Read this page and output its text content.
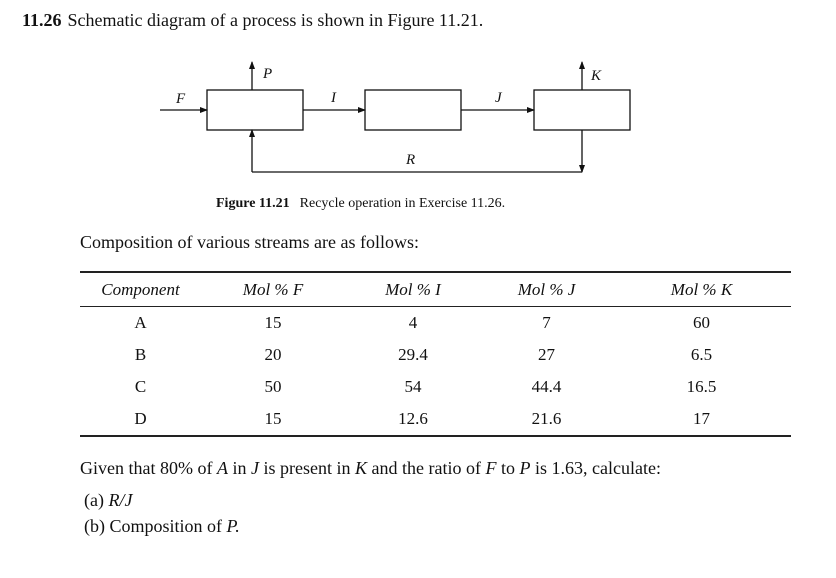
11.26 Schematic diagram of a process is shown in Figure 11.21.
F
P
I	J
K
R
Figure 11.21 Recycle operation in Exercise 11.26.
Composition of various streams are as follows:
Component	Mol % F	Mol % I	Mol % J	Mol % K
A	15	4	7	60
B	20	29.4	27	6.5
C	50	54	44.4	16.5
D	15	12.6	21.6	17
Given that 80% of A in J is present in K and the ratio of F to P is 1.63, calculate:
(a) R/J
(b) Composition of P.
